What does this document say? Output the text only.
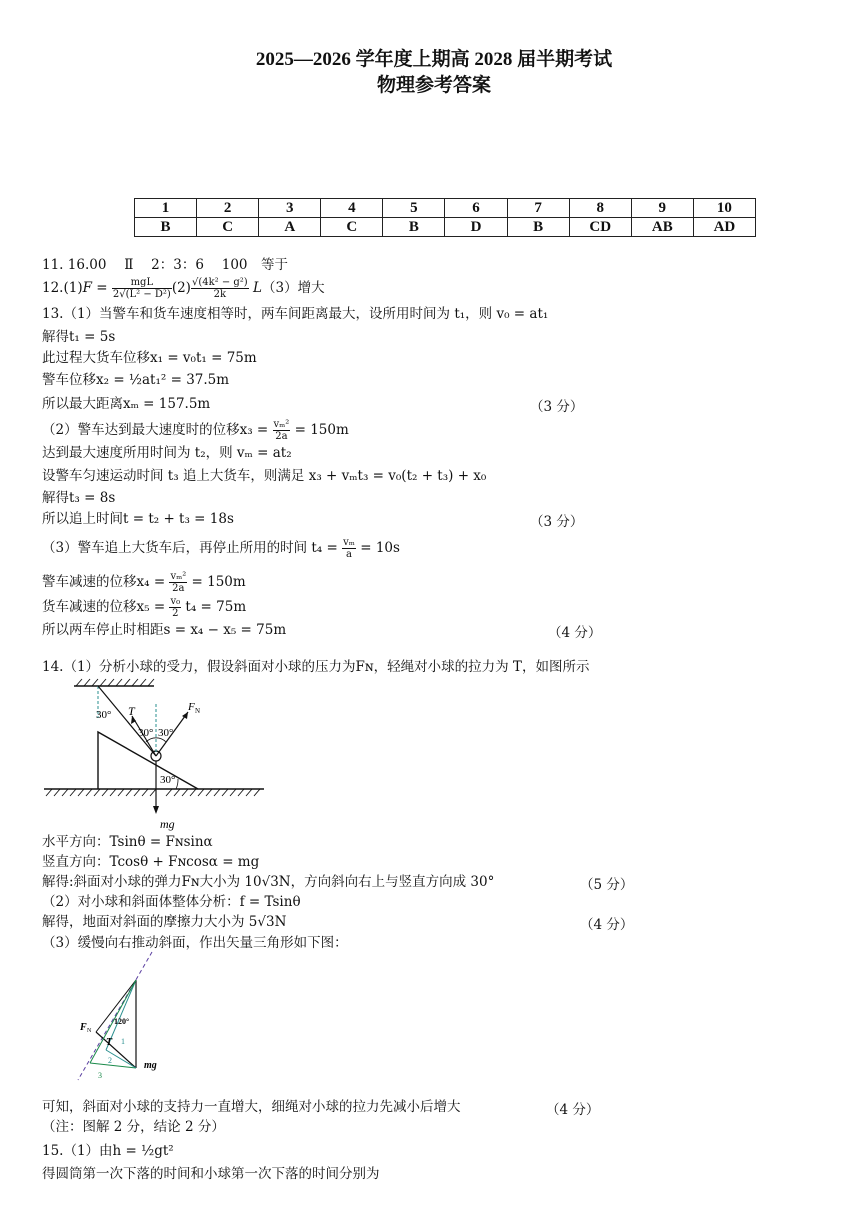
2025—2026 学年度上期高 2028 届半期考试
物理参考答案
1	2	3	4	5	6	7	8	9	10
B	C	A	C	B	D	B	CD	AB	AD
11. 16.00　 Ⅱ　 2：3：6　 100　等于
$12.(1)F = \frac{\text{mgL}}{\text{2√(L² − D²)}} (2) \frac{\text{√(4k² − g²)}}{2k} L(3)$增大
13.（1）当警车和货车速度相等时，两车间距离最大，设所用时间为 t₁，则 v₀ = at₁
解得t₁ = 5s
此过程大货车位移x₁ = v₀t₁ = 75m
警车位移x₂ = ½at₁² = 37.5m
所以最大距离xₘ = 157.5m	（3 分）
（2）警车达到最大速度时的位移$x_3 = \frac{\text{vₘ²}}{2a} = 150m$
达到最大速度所用时间为 t₂，则 vₘ = at₂
设警车匀速运动时间 t₃ 追上大货车，则满足 x₃ + vₘt₃ = v₀(t₂ + t₃) + x₀
解得t₃ = 8s
所以追上时间t = t₂ + t₃ = 18s	（3 分）
（3）警车追上大货车后，再停止所用的时间 $t_4 = \frac{\text{vₘ}}{a} = 10s$
警车减速的位移$x_4 = \frac{\text{vₘ²}}{2a} = 150m$
货车减速的位移$x_5 = \frac{\text{v₀}}{2} t_4 = 75m$
所以两车停止时相距s = x₄ − x₅ = 75m	（4 分）
14.（1）分析小球的受力，假设斜面对小球的压力为Fɴ，轻绳对小球的拉力为 T，如图所示
T	F N
mg
30°
30° 30°
30°
水平方向：Tsinθ = Fɴsinα
竖直方向：Tcosθ + Fɴcosα = mg
解得:斜面对小球的弹力Fɴ大小为 10√3N，方向斜向右上与竖直方向成 30°	（5 分）
（2）对小球和斜面体整体分析：f = Tsinθ
解得，地面对斜面的摩擦力大小为 5√3N	（4 分）
（3）缓慢向右推动斜面，作出矢量三角形如下图：
F N
T
mg
120°
1
2
3
可知，斜面对小球的支持力一直增大，细绳对小球的拉力先减小后增大	（4 分）
（注：图解 2 分，结论 2 分）
15.（1）由h = ½gt²
得圆筒第一次下落的时间和小球第一次下落的时间分别为
